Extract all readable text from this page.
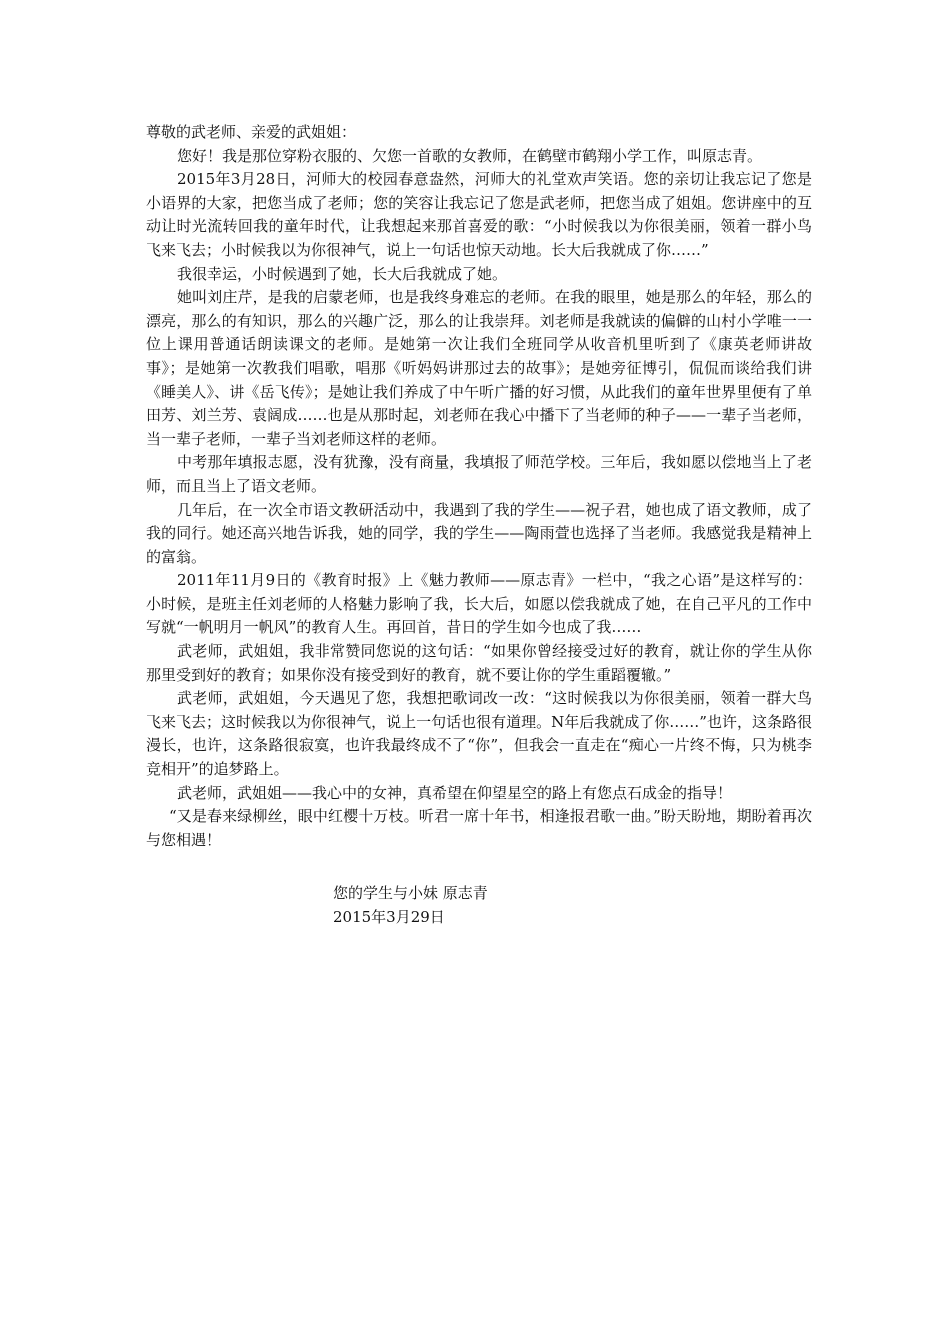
尊敬的武老师、亲爱的武姐姐：

您好！我是那位穿粉衣服的、欠您一首歌的女教师，在鹤壁市鹤翔小学工作，叫原志青。

2015年3月28日，河师大的校园春意盎然，河师大的礼堂欢声笑语。您的亲切让我忘记了您是小语界的大家，把您当成了老师；您的笑容让我忘记了您是武老师，把您当成了姐姐。您讲座中的互动让时光流转回我的童年时代，让我想起来那首喜爱的歌：“小时候我以为你很美丽，领着一群小鸟飞来飞去；小时候我以为你很神气，说上一句话也惊天动地。长大后我就成了你……”

我很幸运，小时候遇到了她，长大后我就成了她。

她叫刘庄芹，是我的启蒙老师，也是我终身难忘的老师。在我的眼里，她是那么的年轻，那么的漂亮，那么的有知识，那么的兴趣广泛，那么的让我崇拜。刘老师是我就读的偏僻的山村小学唯一一位上课用普通话朗读课文的老师。是她第一次让我们全班同学从收音机里听到了《康英老师讲故事》；是她第一次教我们唱歌，唱那《听妈妈讲那过去的故事》；是她旁征博引，侃侃而谈给我们讲《睡美人》、讲《岳飞传》；是她让我们养成了中午听广播的好习惯，从此我们的童年世界里便有了单田芳、刘兰芳、袁阔成……也是从那时起，刘老师在我心中播下了当老师的种子——一辈子当老师，当一辈子老师，一辈子当刘老师这样的老师。

中考那年填报志愿，没有犹豫，没有商量，我填报了师范学校。三年后，我如愿以偿地当上了老师，而且当上了语文老师。

几年后，在一次全市语文教研活动中，我遇到了我的学生——祝子君，她也成了语文教师，成了我的同行。她还高兴地告诉我，她的同学，我的学生——陶雨萱也选择了当老师。我感觉我是精神上的富翁。

2011年11月9日的《教育时报》上《魅力教师——原志青》一栏中，“我之心语”是这样写的：小时候，是班主任刘老师的人格魅力影响了我，长大后，如愿以偿我就成了她，在自己平凡的工作中写就“一帆明月一帆风”的教育人生。再回首，昔日的学生如今也成了我……

武老师，武姐姐，我非常赞同您说的这句话：“如果你曾经接受过好的教育，就让你的学生从你那里受到好的教育；如果你没有接受到好的教育，就不要让你的学生重蹈覆辙。”

武老师，武姐姐，今天遇见了您，我想把歌词改一改：“这时候我以为你很美丽，领着一群大鸟飞来飞去；这时候我以为你很神气，说上一句话也很有道理。N年后我就成了你……”也许，这条路很漫长，也许，这条路很寂寞，也许我最终成不了“你”，但我会一直走在“痴心一片终不悔，只为桃李竞相开”的追梦路上。

武老师，武姐姐——我心中的女神，真希望在仰望星空的路上有您点石成金的指导！

“又是春来绿柳丝，眼中红樱十万枝。听君一席十年书，相逢报君歌一曲。”盼天盼地，期盼着再次与您相遇！

您的学生与小妹 原志青

2015年3月29日
